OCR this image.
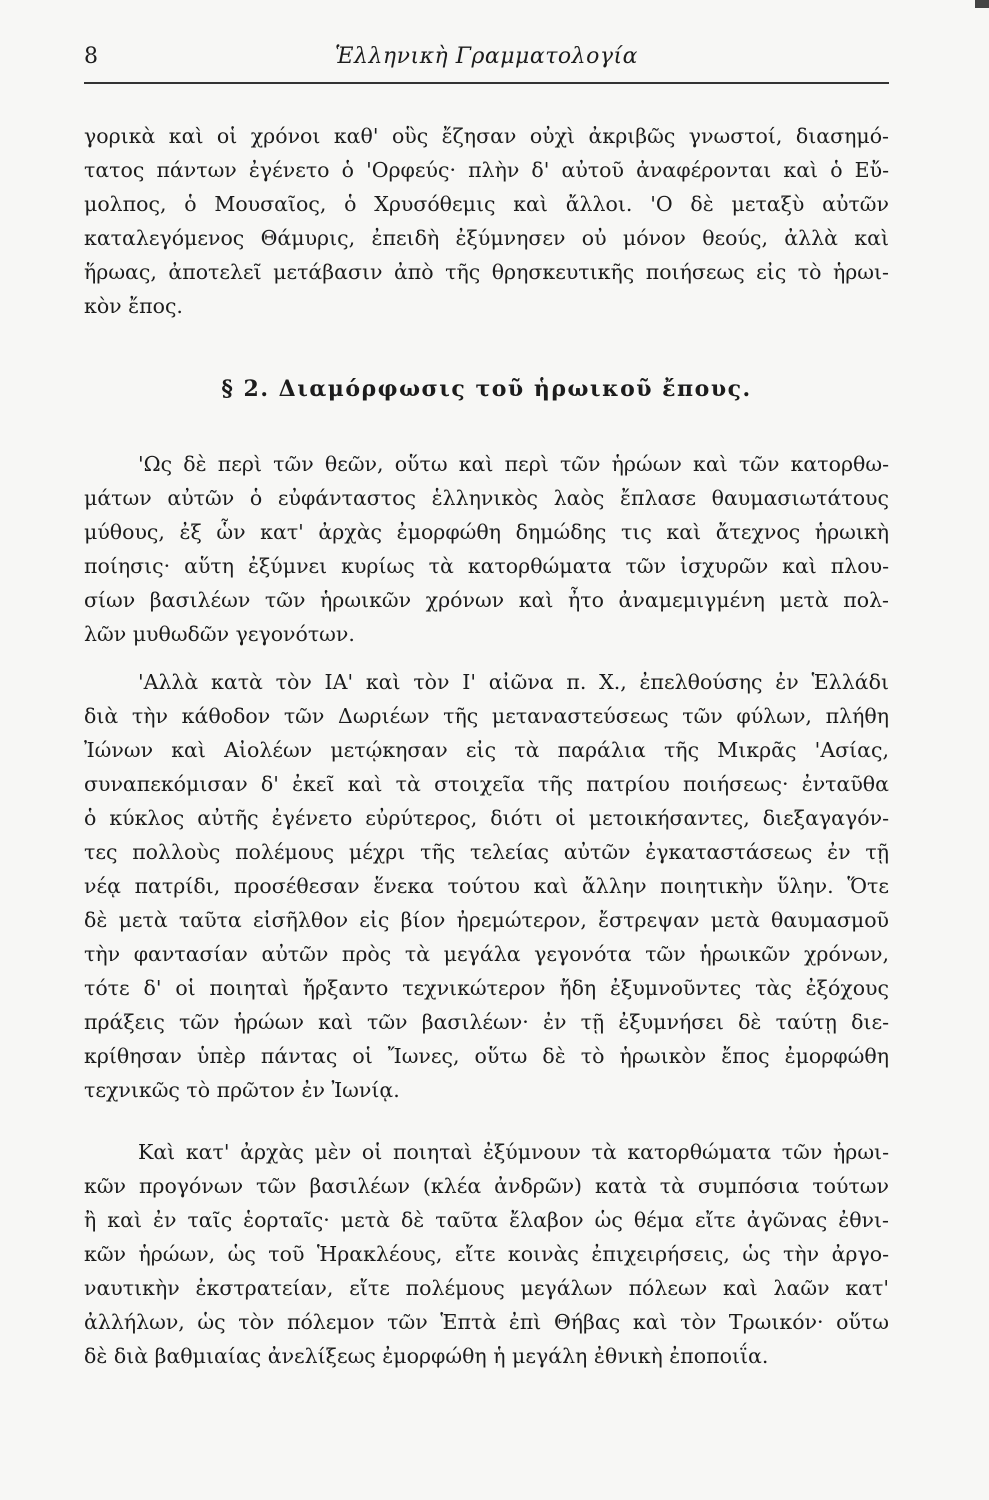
8	Ἑλληνικὴ Γραμματολογία
γορικὰ καὶ οἱ χρόνοι καθ' οὓς ἔζησαν οὐχὶ ἀκριβῶς γνωστοί, διασημό-
τατος πάντων ἐγένετο ὁ 'Ορφεύς· πλὴν δ' αὐτοῦ ἀναφέρονται καὶ ὁ Εὔ-
μολπος, ὁ Μουσαῖος, ὁ Χρυσόθεμις καὶ ἄλλοι. 'Ο δὲ μεταξὺ αὐτῶν
καταλεγόμενος Θάμυρις, ἐπειδὴ ἐξύμνησεν οὐ μόνον θεούς, ἀλλὰ καὶ
ἥρωας, ἀποτελεῖ μετάβασιν ἀπὸ τῆς θρησκευτικῆς ποιήσεως εἰς τὸ ἡρωι-
κὸν ἔπος.
§ 2. Διαμόρφωσις τοῦ ἡρωικοῦ ἔπους.
'Ως δὲ περὶ τῶν θεῶν, οὕτω καὶ περὶ τῶν ἡρώων καὶ τῶν κατορθω-
μάτων αὐτῶν ὁ εὐφάνταστος ἑλληνικὸς λαὸς ἔπλασε θαυμασιωτάτους
μύθους, ἐξ ὧν κατ' ἀρχὰς ἐμορφώθη δημώδης τις καὶ ἄτεχνος ἡρωικὴ
ποίησις· αὕτη ἐξύμνει κυρίως τὰ κατορθώματα τῶν ἰσχυρῶν καὶ πλου-
σίων βασιλέων τῶν ἡρωικῶν χρόνων καὶ ἦτο ἀναμεμιγμένη μετὰ πολ-
λῶν μυθωδῶν γεγονότων.
'Αλλὰ κατὰ τὸν ΙΑ' καὶ τὸν Ι' αἰῶνα π. Χ., ἐπελθούσης ἐν Ἑλλάδι
διὰ τὴν κάθοδον τῶν Δωριέων τῆς μεταναστεύσεως τῶν φύλων, πλήθη
Ἰώνων καὶ Αἰολέων μετῴκησαν εἰς τὰ παράλια τῆς Μικρᾶς 'Ασίας,
συναπεκόμισαν δ' ἐκεῖ καὶ τὰ στοιχεῖα τῆς πατρίου ποιήσεως· ἐνταῦθα
ὁ κύκλος αὐτῆς ἐγένετο εὐρύτερος, διότι οἱ μετοικήσαντες, διεξαγαγόν-
τες πολλοὺς πολέμους μέχρι τῆς τελείας αὐτῶν ἐγκαταστάσεως ἐν τῇ
νέᾳ πατρίδι, προσέθεσαν ἕνεκα τούτου καὶ ἄλλην ποιητικὴν ὕλην. Ὅτε
δὲ μετὰ ταῦτα εἰσῆλθον εἰς βίον ἠρεμώτερον, ἔστρεψαν μετὰ θαυμασμοῦ
τὴν φαντασίαν αὐτῶν πρὸς τὰ μεγάλα γεγονότα τῶν ἡρωικῶν χρόνων,
τότε δ' οἱ ποιηταὶ ἤρξαντο τεχνικώτερον ἤδη ἐξυμνοῦντες τὰς ἐξόχους
πράξεις τῶν ἡρώων καὶ τῶν βασιλέων· ἐν τῇ ἐξυμνήσει δὲ ταύτῃ διε-
κρίθησαν ὑπὲρ πάντας οἱ Ἴωνες, οὕτω δὲ τὸ ἡρωικὸν ἔπος ἐμορφώθη
τεχνικῶς τὸ πρῶτον ἐν Ἰωνίᾳ.
Καὶ κατ' ἀρχὰς μὲν οἱ ποιηταὶ ἐξύμνουν τὰ κατορθώματα τῶν ἡρωι-
κῶν προγόνων τῶν βασιλέων (κλέα ἀνδρῶν) κατὰ τὰ συμπόσια τούτων
ἢ καὶ ἐν ταῖς ἑορταῖς· μετὰ δὲ ταῦτα ἔλαβον ὡς θέμα εἴτε ἀγῶνας ἐθνι-
κῶν ἡρώων, ὡς τοῦ Ἡρακλέους, εἴτε κοινὰς ἐπιχειρήσεις, ὡς τὴν ἀργο-
ναυτικὴν ἐκστρατείαν, εἴτε πολέμους μεγάλων πόλεων καὶ λαῶν κατ'
ἀλλήλων, ὡς τὸν πόλεμον τῶν Ἑπτὰ ἐπὶ Θήβας καὶ τὸν Τρωικόν· οὕτω
δὲ διὰ βαθμιαίας ἀνελίξεως ἐμορφώθη ἡ μεγάλη ἐθνικὴ ἐποποιΐα.
